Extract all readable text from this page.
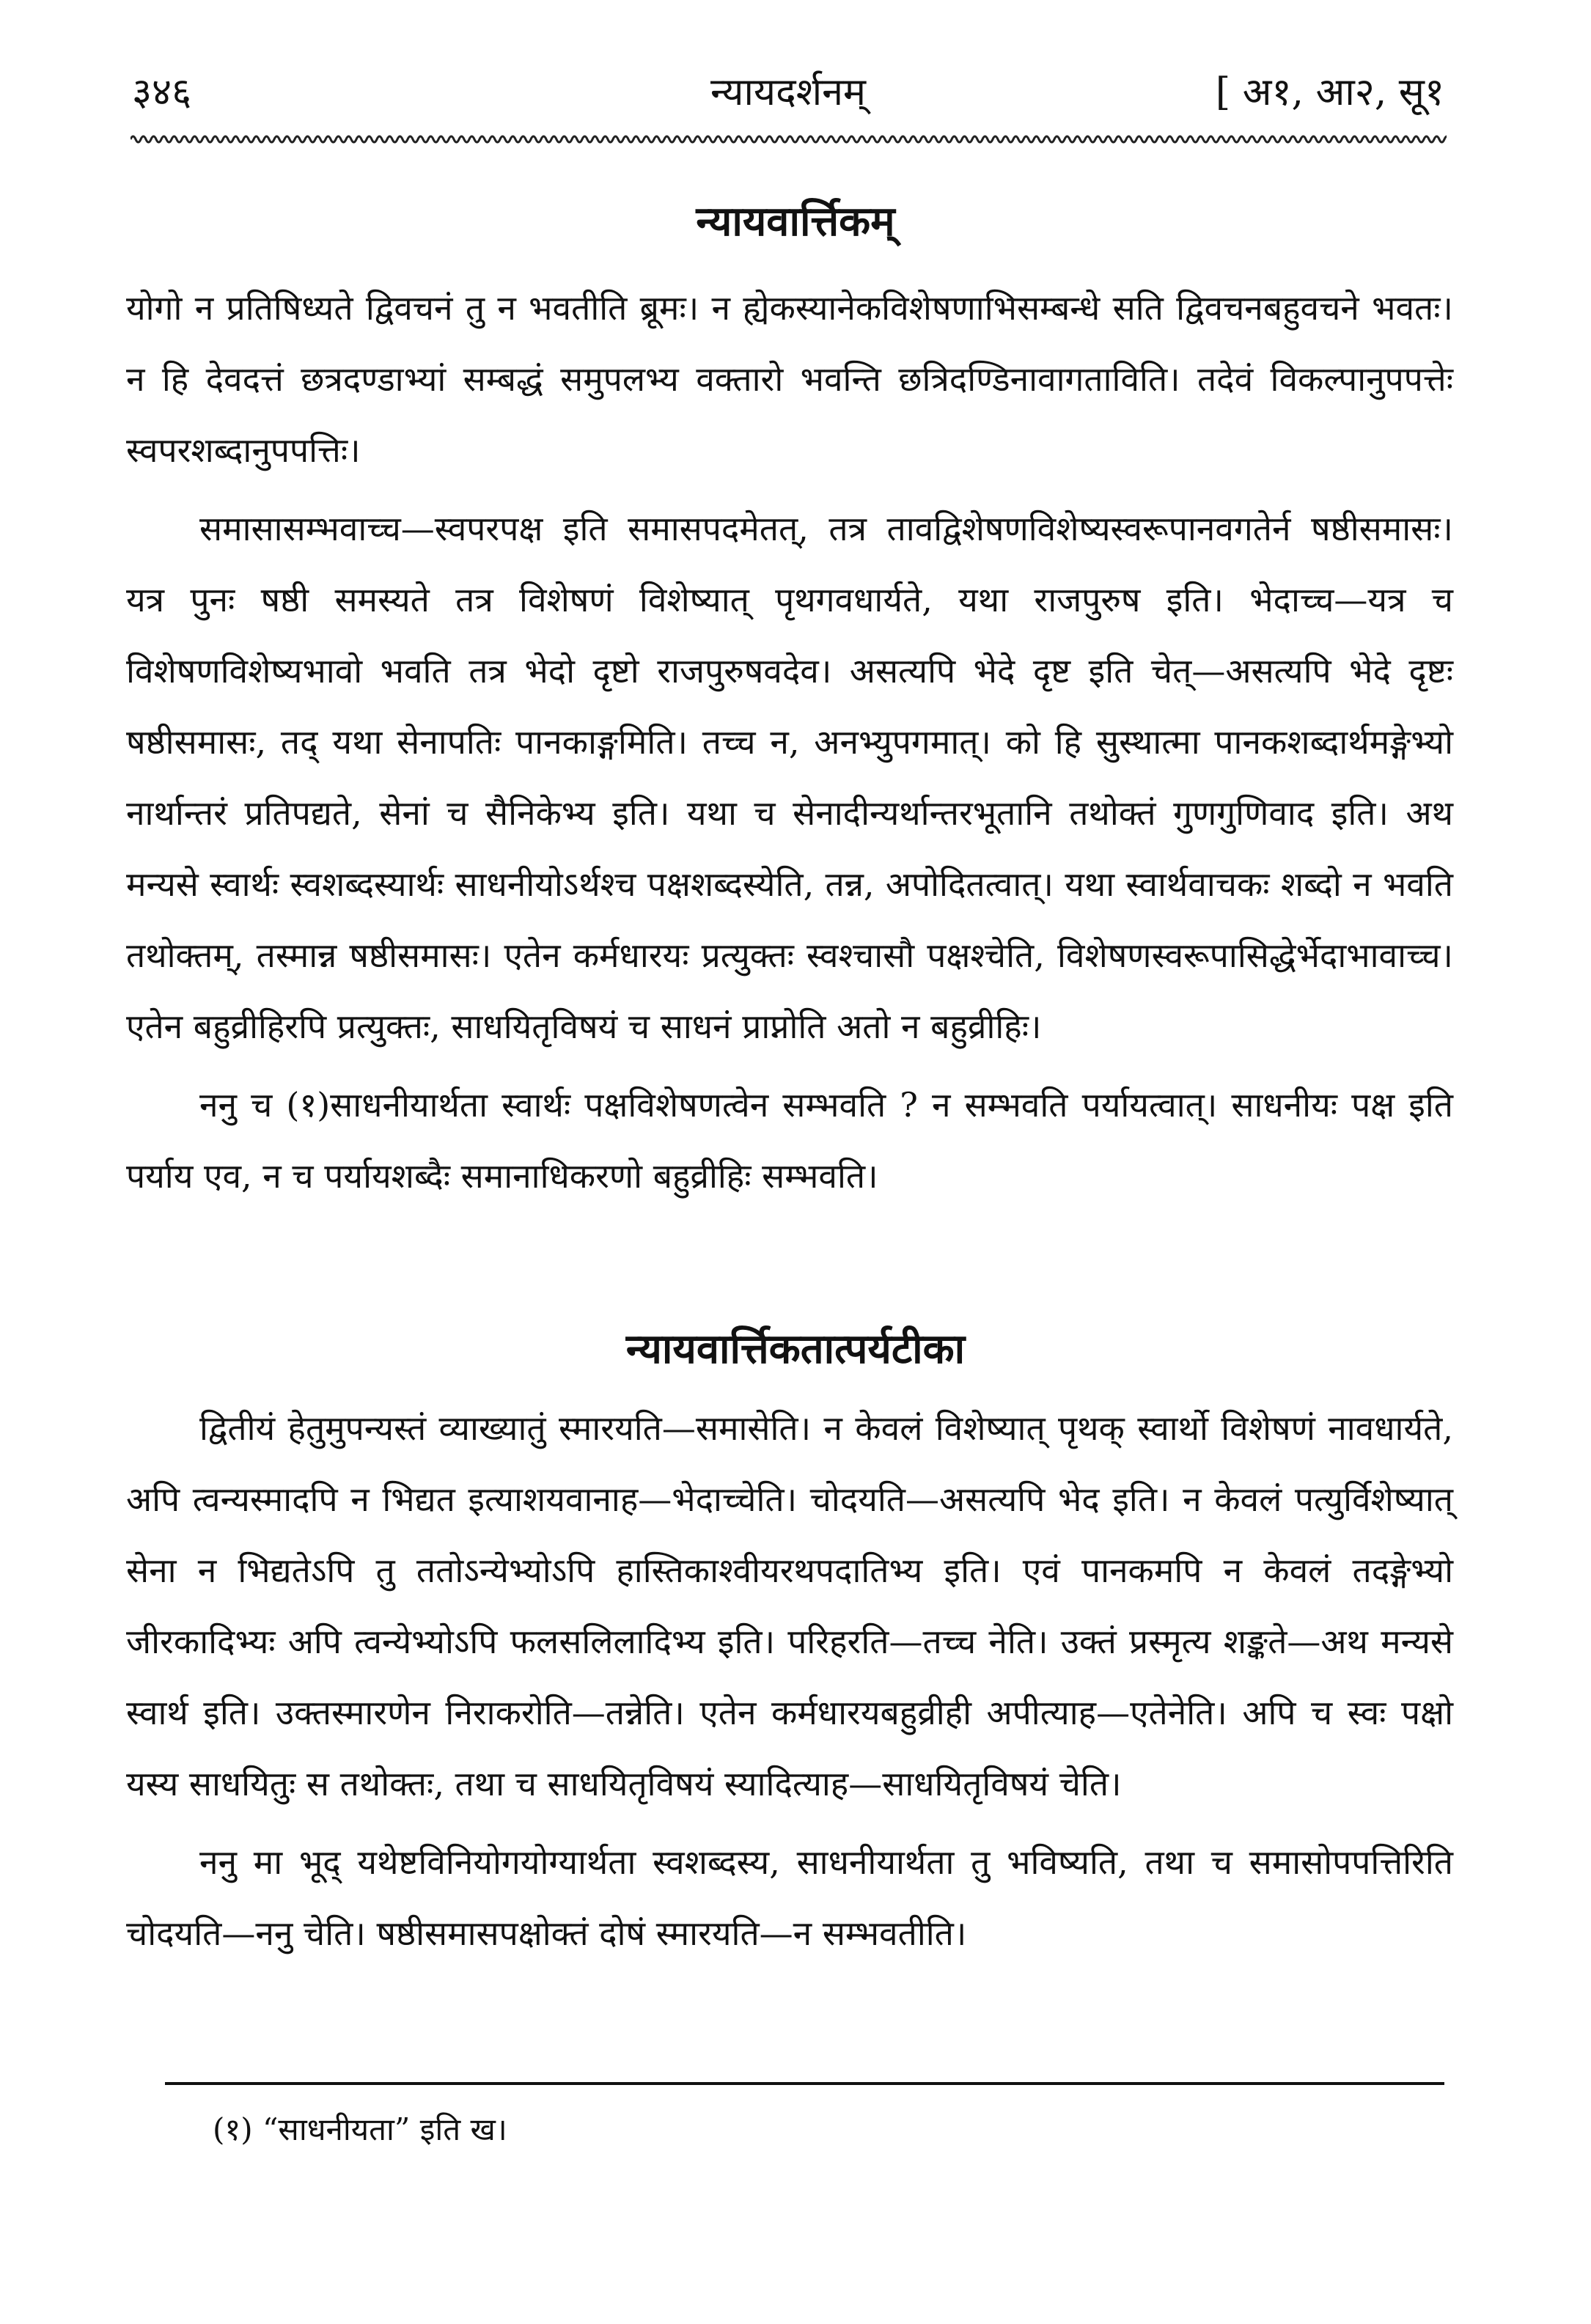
३४६	न्यायदर्शनम्	[ अ१, आ२, सू१
न्यायवार्त्तिकम्

योगो न प्रतिषिध्यते द्विवचनं तु न भवतीति ब्रूमः। न ह्येकस्यानेकविशेषणाभिसम्बन्धे सति द्विवचनबहुवचने भवतः। न हि देवदत्तं छत्रदण्डाभ्यां सम्बद्धं समुपलभ्य वक्तारो भवन्ति छत्रिदण्डिनावागताविति। तदेवं विकल्पानुपपत्तेः स्वपरशब्दानुपपत्तिः।

समासासम्भवाच्च—स्वपरपक्ष इति समासपदमेतत्, तत्र तावद्विशेषणविशेष्यस्वरूपानवगतेर्न षष्ठीसमासः। यत्र पुनः षष्ठी समस्यते तत्र विशेषणं विशेष्यात् पृथगवधार्यते, यथा राजपुरुष इति। भेदाच्च—यत्र च विशेषणविशेष्यभावो भवति तत्र भेदो दृष्टो राजपुरुषवदेव। असत्यपि भेदे दृष्ट इति चेत्—असत्यपि भेदे दृष्टः षष्ठीसमासः, तद् यथा सेनापतिः पानकाङ्गमिति। तच्च न, अनभ्युपगमात्। को हि सुस्थात्मा पानकशब्दार्थमङ्गेभ्यो नार्थान्तरं प्रतिपद्यते, सेनां च सैनिकेभ्य इति। यथा च सेनादीन्यर्थान्तरभूतानि तथोक्तं गुणगुणिवाद इति। अथ मन्यसे स्वार्थः स्वशब्दस्यार्थः साधनीयोऽर्थश्च पक्षशब्दस्येति, तन्न, अपोदितत्वात्। यथा स्वार्थवाचकः शब्दो न भवति तथोक्तम्, तस्मान्न षष्ठीसमासः। एतेन कर्मधारयः प्रत्युक्तः स्वश्चासौ पक्षश्चेति, विशेषणस्वरूपासिद्धेर्भेदाभावाच्च। एतेन बहुव्रीहिरपि प्रत्युक्तः, साधयितृविषयं च साधनं प्राप्नोति अतो न बहुव्रीहिः।

ननु च (१)साधनीयार्थता स्वार्थः पक्षविशेषणत्वेन सम्भवति ? न सम्भवति पर्यायत्वात्। साधनीयः पक्ष इति पर्याय एव, न च पर्यायशब्दैः समानाधिकरणो बहुव्रीहिः सम्भवति।

न्यायवार्त्तिकतात्पर्यटीका

द्वितीयं हेतुमुपन्यस्तं व्याख्यातुं स्मारयति—समासेति। न केवलं विशेष्यात् पृथक् स्वार्थो विशेषणं नावधार्यते, अपि त्वन्यस्मादपि न भिद्यत इत्याशयवानाह—भेदाच्चेति। चोदयति—असत्यपि भेद इति। न केवलं पत्युर्विशेष्यात् सेना न भिद्यतेऽपि तु ततोऽन्येभ्योऽपि हास्तिकाश्वीयरथपदातिभ्य इति। एवं पानकमपि न केवलं तदङ्गेभ्यो जीरकादिभ्यः अपि त्वन्येभ्योऽपि फलसलिलादिभ्य इति। परिहरति—तच्च नेति। उक्तं प्रस्मृत्य शङ्कते—अथ मन्यसे स्वार्थ इति। उक्तस्मारणेन निराकरोति—तन्नेति। एतेन कर्मधारयबहुव्रीही अपीत्याह—एतेनेति। अपि च स्वः पक्षो यस्य साधयितुः स तथोक्तः, तथा च साधयितृविषयं स्यादित्याह—साधयितृविषयं चेति।

ननु मा भूद् यथेष्टविनियोगयोग्यार्थता स्वशब्दस्य, साधनीयार्थता तु भविष्यति, तथा च समासोपपत्तिरिति चोदयति—ननु चेति। षष्ठीसमासपक्षोक्तं दोषं स्मारयति—न सम्भवतीति।

(१) “साधनीयता” इति ख।
